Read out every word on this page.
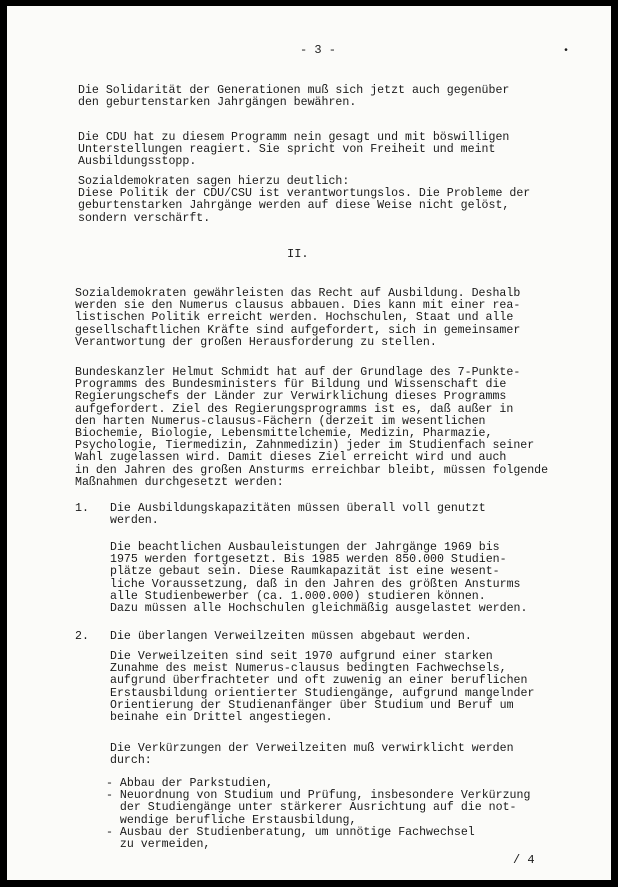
- 3 -	•
Die Solidarität der Generationen muß sich jetzt auch gegenüber
den geburtenstarken Jahrgängen bewähren.
Die CDU hat zu diesem Programm nein gesagt und mit böswilligen
Unterstellungen reagiert. Sie spricht von Freiheit und meint
Ausbildungsstopp.
Sozialdemokraten sagen hierzu deutlich:
Diese Politik der CDU/CSU ist verantwortungslos. Die Probleme der
geburtenstarken Jahrgänge werden auf diese Weise nicht gelöst,
sondern verschärft.
II.
Sozialdemokraten gewährleisten das Recht auf Ausbildung. Deshalb
werden sie den Numerus clausus abbauen. Dies kann mit einer rea-
listischen Politik erreicht werden. Hochschulen, Staat und alle
gesellschaftlichen Kräfte sind aufgefordert, sich in gemeinsamer
Verantwortung der großen Herausforderung zu stellen.
Bundeskanzler Helmut Schmidt hat auf der Grundlage des 7-Punkte-
Programms des Bundesministers für Bildung und Wissenschaft die
Regierungschefs der Länder zur Verwirklichung dieses Programms
aufgefordert. Ziel des Regierungsprogramms ist es, daß außer in
den harten Numerus-clausus-Fächern (derzeit im wesentlichen
Biochemie, Biologie, Lebensmittelchemie, Medizin, Pharmazie,
Psychologie, Tiermedizin, Zahnmedizin) jeder im Studienfach seiner
Wahl zugelassen wird. Damit dieses Ziel erreicht wird und auch
in den Jahren des großen Ansturms erreichbar bleibt, müssen folgende
Maßnahmen durchgesetzt werden:
1. Die Ausbildungskapazitäten müssen überall voll genutzt
werden.
Die beachtlichen Ausbauleistungen der Jahrgänge 1969 bis
1975 werden fortgesetzt. Bis 1985 werden 850.000 Studien-
plätze gebaut sein. Diese Raumkapazität ist eine wesent-
liche Voraussetzung, daß in den Jahren des größten Ansturms
alle Studienbewerber (ca. 1.000.000) studieren können.
Dazu müssen alle Hochschulen gleichmäßig ausgelastet werden.
2. Die überlangen Verweilzeiten müssen abgebaut werden.
Die Verweilzeiten sind seit 1970 aufgrund einer starken
Zunahme des meist Numerus-clausus bedingten Fachwechsels,
aufgrund überfrachteter und oft zuwenig an einer beruflichen
Erstausbildung orientierter Studiengänge, aufgrund mangelnder
Orientierung der Studienanfänger über Studium und Beruf um
beinahe ein Drittel angestiegen.
Die Verkürzungen der Verweilzeiten muß verwirklicht werden
durch:
- Abbau der Parkstudien,
- Neuordnung von Studium und Prüfung, insbesondere Verkürzung
der Studiengänge unter stärkerer Ausrichtung auf die not-
wendige berufliche Erstausbildung,
- Ausbau der Studienberatung, um unnötige Fachwechsel
zu vermeiden,
/ 4
